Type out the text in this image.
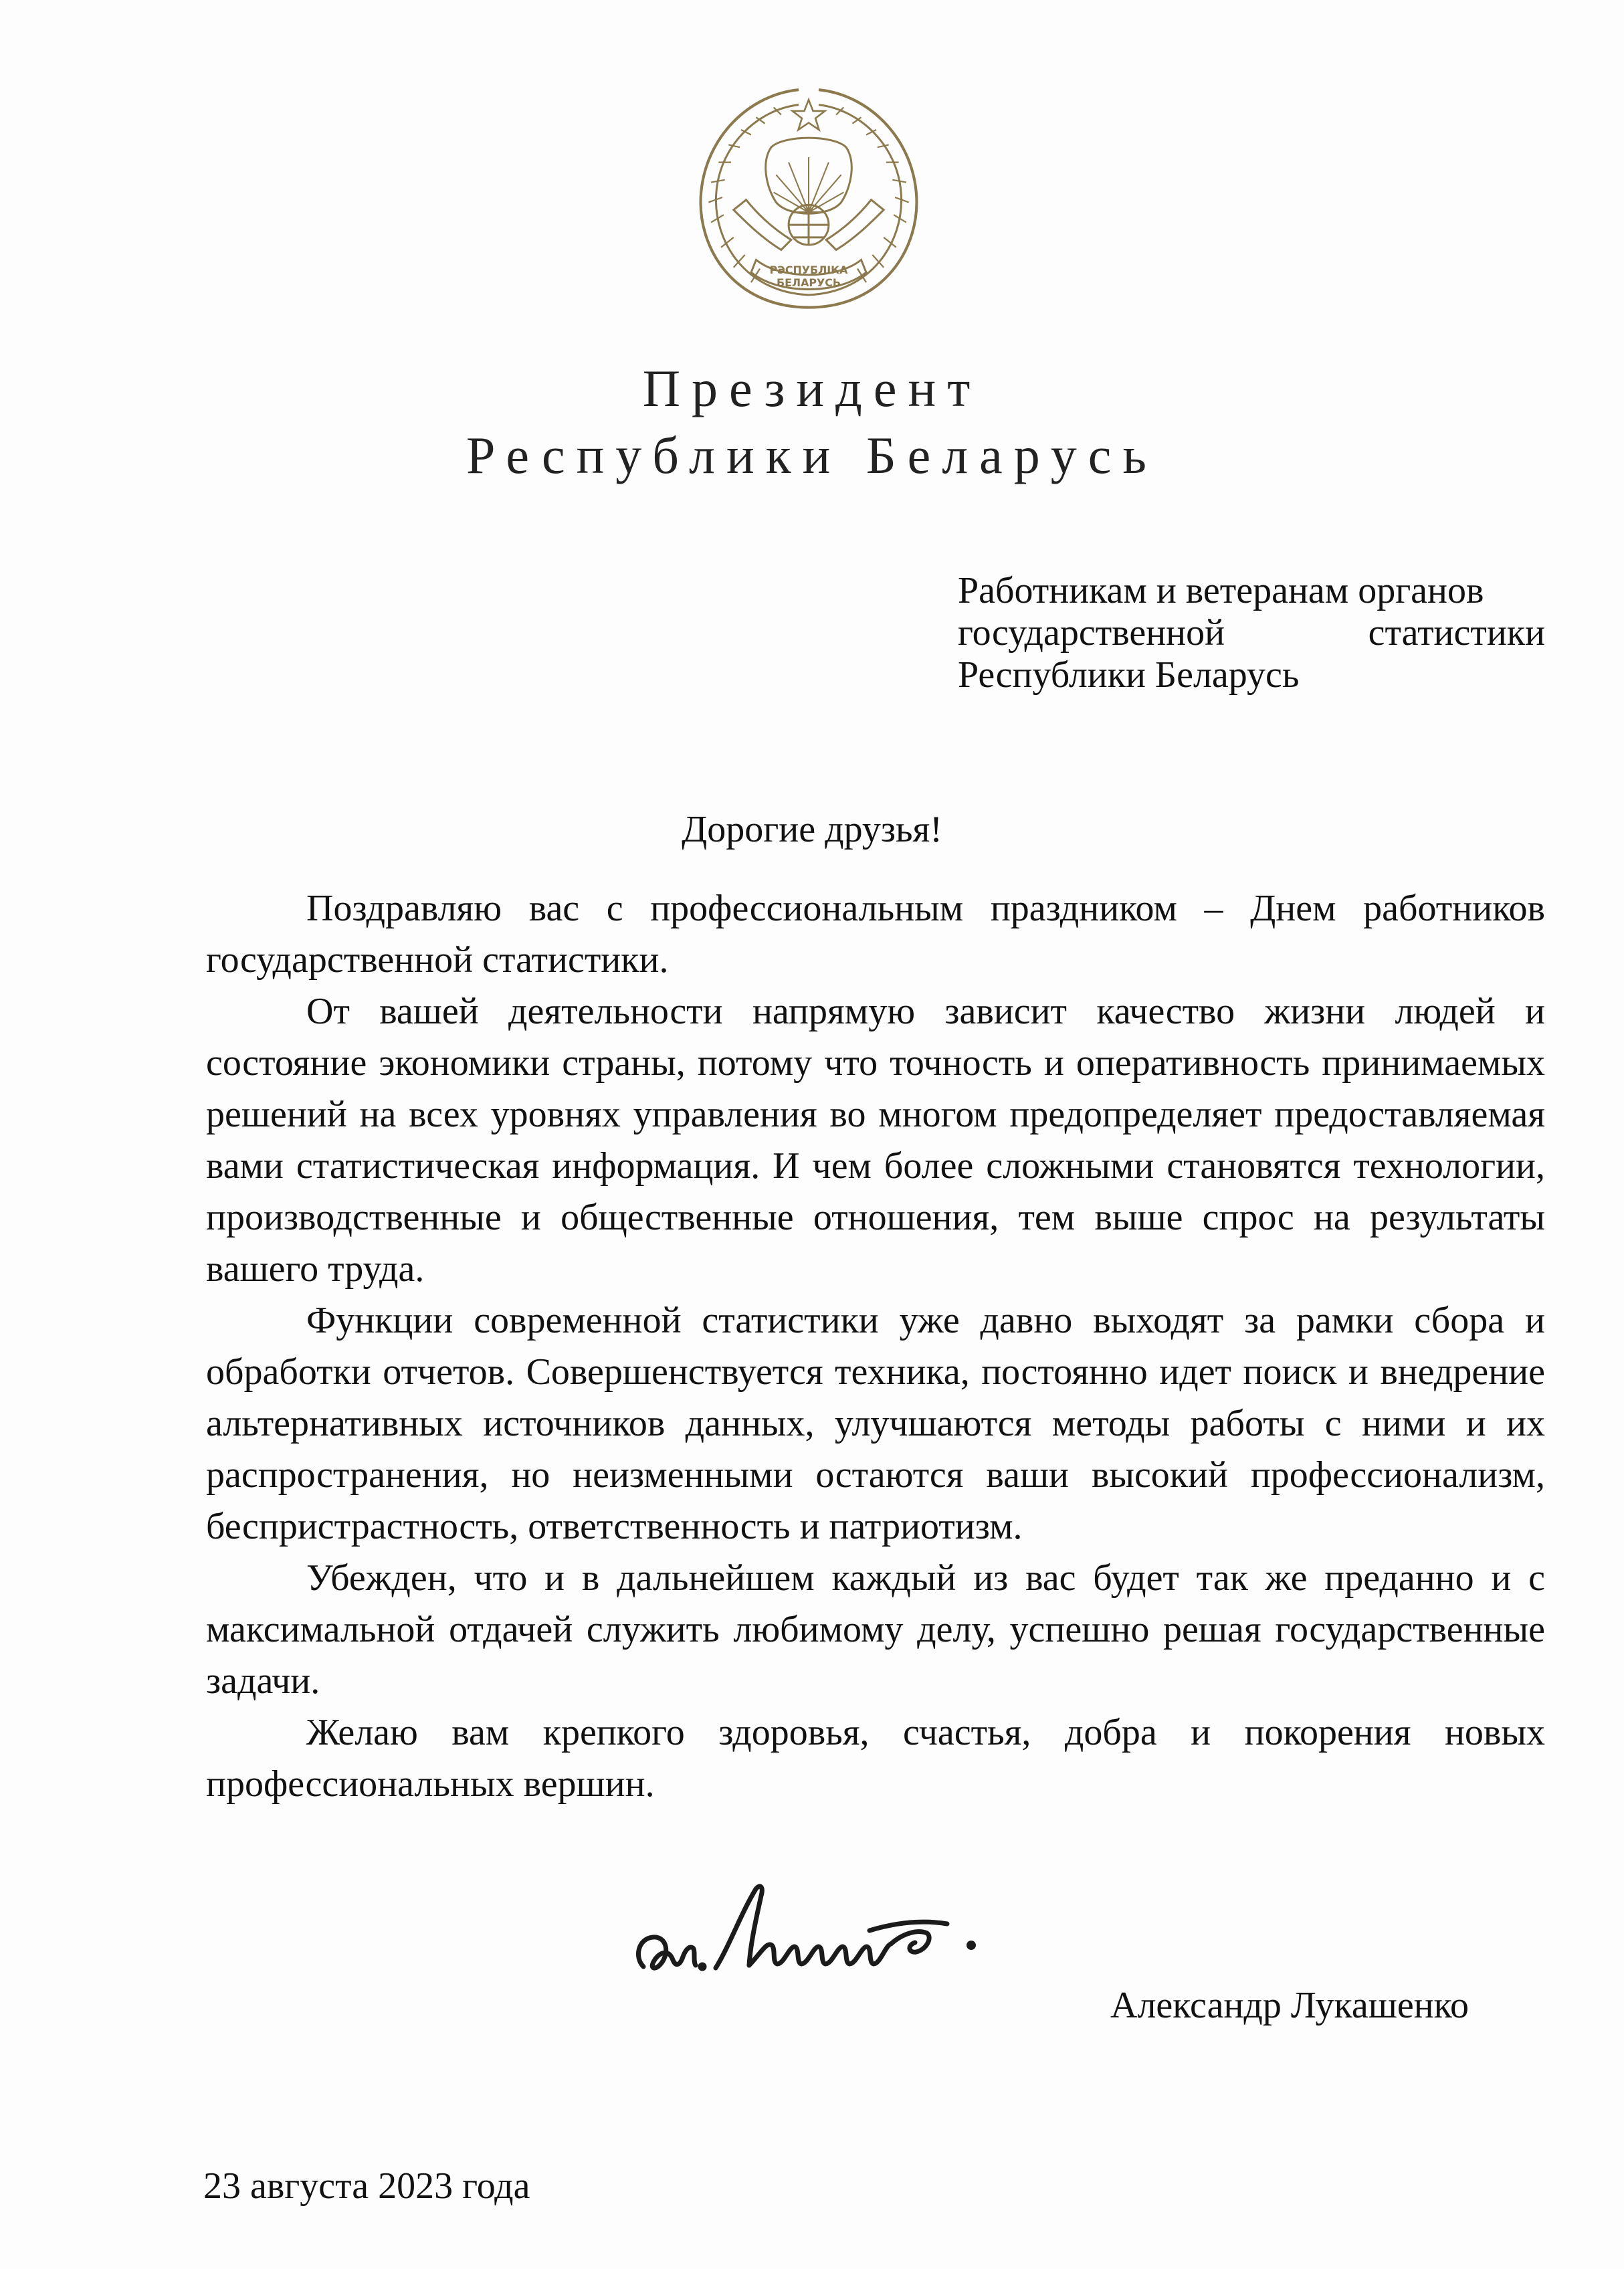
РЭСПУБЛІКА
БЕЛАРУСЬ
Президент
Республики Беларусь
Работникам и ветеранам органов
государственной	статистики
Республики Беларусь
Дорогие друзья!

Поздравляю вас с профессиональным праздником – Днем работников государственной статистики.

От вашей деятельности напрямую зависит качество жизни людей и состояние экономики страны, потому что точность и оперативность принимаемых решений на всех уровнях управления во многом предопределяет предоставляемая вами статистическая информация. И чем более сложными становятся технологии, производственные и общественные отношения, тем выше спрос на результаты вашего труда.

Функции современной статистики уже давно выходят за рамки сбора и обработки отчетов. Совершенствуется техника, постоянно идет поиск и внедрение альтернативных источников данных, улучшаются методы работы с ними и их распространения, но неизменными остаются ваши высокий профессионализм, беспристрастность, ответственность и патриотизм.

Убежден, что и в дальнейшем каждый из вас будет так же преданно и с максимальной отдачей служить любимому делу, успешно решая государственные задачи.

Желаю вам крепкого здоровья, счастья, добра и покорения новых профессиональных вершин.

Александр Лукашенко
23 августа 2023 года
